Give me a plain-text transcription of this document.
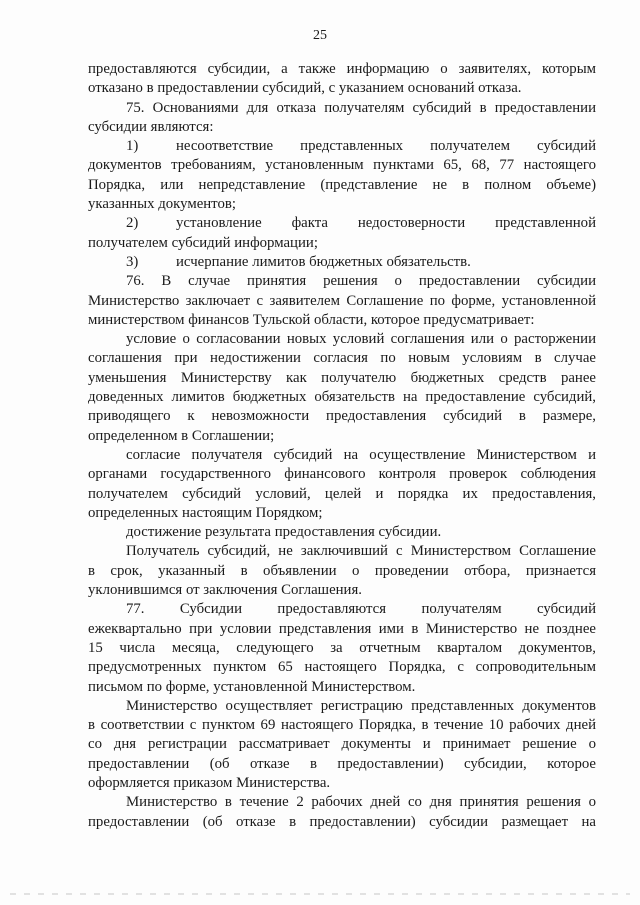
25

предоставляются субсидии, а также информацию о заявителях, которым

отказано в предоставлении субсидий, с указанием оснований отказа.

75. Основаниями для отказа получателям субсидий в предоставлении

субсидии являются:

1)	несоответствие представленных получателем субсидий

документов требованиям, установленным пунктами 65, 68, 77 настоящего

Порядка, или непредставление (представление не в полном объеме)

указанных документов;

2)	установление факта недостоверности представленной

получателем субсидий информации;

3)	исчерпание лимитов бюджетных обязательств.

76. В случае принятия решения о предоставлении субсидии

Министерство заключает с заявителем Соглашение по форме, установленной

министерством финансов Тульской области, которое предусматривает:

условие о согласовании новых условий соглашения или о расторжении

соглашения при недостижении согласия по новым условиям в случае

уменьшения Министерству как получателю бюджетных средств ранее

доведенных лимитов бюджетных обязательств на предоставление субсидий,

приводящего к невозможности предоставления субсидий в размере,

определенном в Соглашении;

согласие получателя субсидий на осуществление Министерством и

органами государственного финансового контроля проверок соблюдения

получателем субсидий условий, целей и порядка их предоставления,

определенных настоящим Порядком;

достижение результата предоставления субсидии.

Получатель субсидий, не заключивший с Министерством Соглашение

в срок, указанный в объявлении о проведении отбора, признается

уклонившимся от заключения Соглашения.

77. Субсидии предоставляются получателям субсидий

ежеквартально при условии представления ими в Министерство не позднее

15 числа месяца, следующего за отчетным кварталом документов,

предусмотренных пунктом 65 настоящего Порядка, с сопроводительным

письмом по форме, установленной Министерством.

Министерство осуществляет регистрацию представленных документов

в соответствии с пунктом 69 настоящего Порядка, в течение 10 рабочих дней

со дня регистрации рассматривает документы и принимает решение о

предоставлении (об отказе в предоставлении) субсидии, которое

оформляется приказом Министерства.

Министерство в течение 2 рабочих дней со дня принятия решения о

предоставлении (об отказе в предоставлении) субсидии размещает на
